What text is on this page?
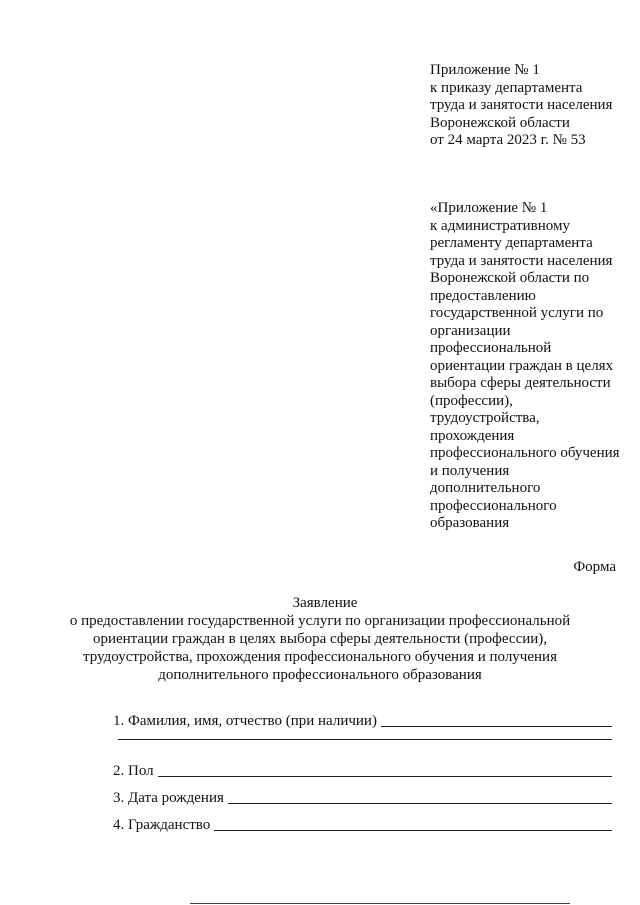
Приложение № 1
к приказу департамента
труда и занятости населения
Воронежской области
от 24 марта 2023 г. № 53
«Приложение № 1
к административному
регламенту департамента
труда и занятости населения
Воронежской области по
предоставлению
государственной услуги по
организации
профессиональной
ориентации граждан в целях
выбора сферы деятельности
(профессии),
трудоустройства,
прохождения
профессионального обучения
и получения
дополнительного
профессионального
образования
Форма
Заявление
о предоставлении государственной услуги по организации профессиональной
ориентации граждан в целях выбора сферы деятельности (профессии),
трудоустройства, прохождения профессионального обучения и получения
дополнительного профессионального образования
1. Фамилия, имя, отчество (при наличии)
2. Пол
3. Дата рождения
4. Гражданство
